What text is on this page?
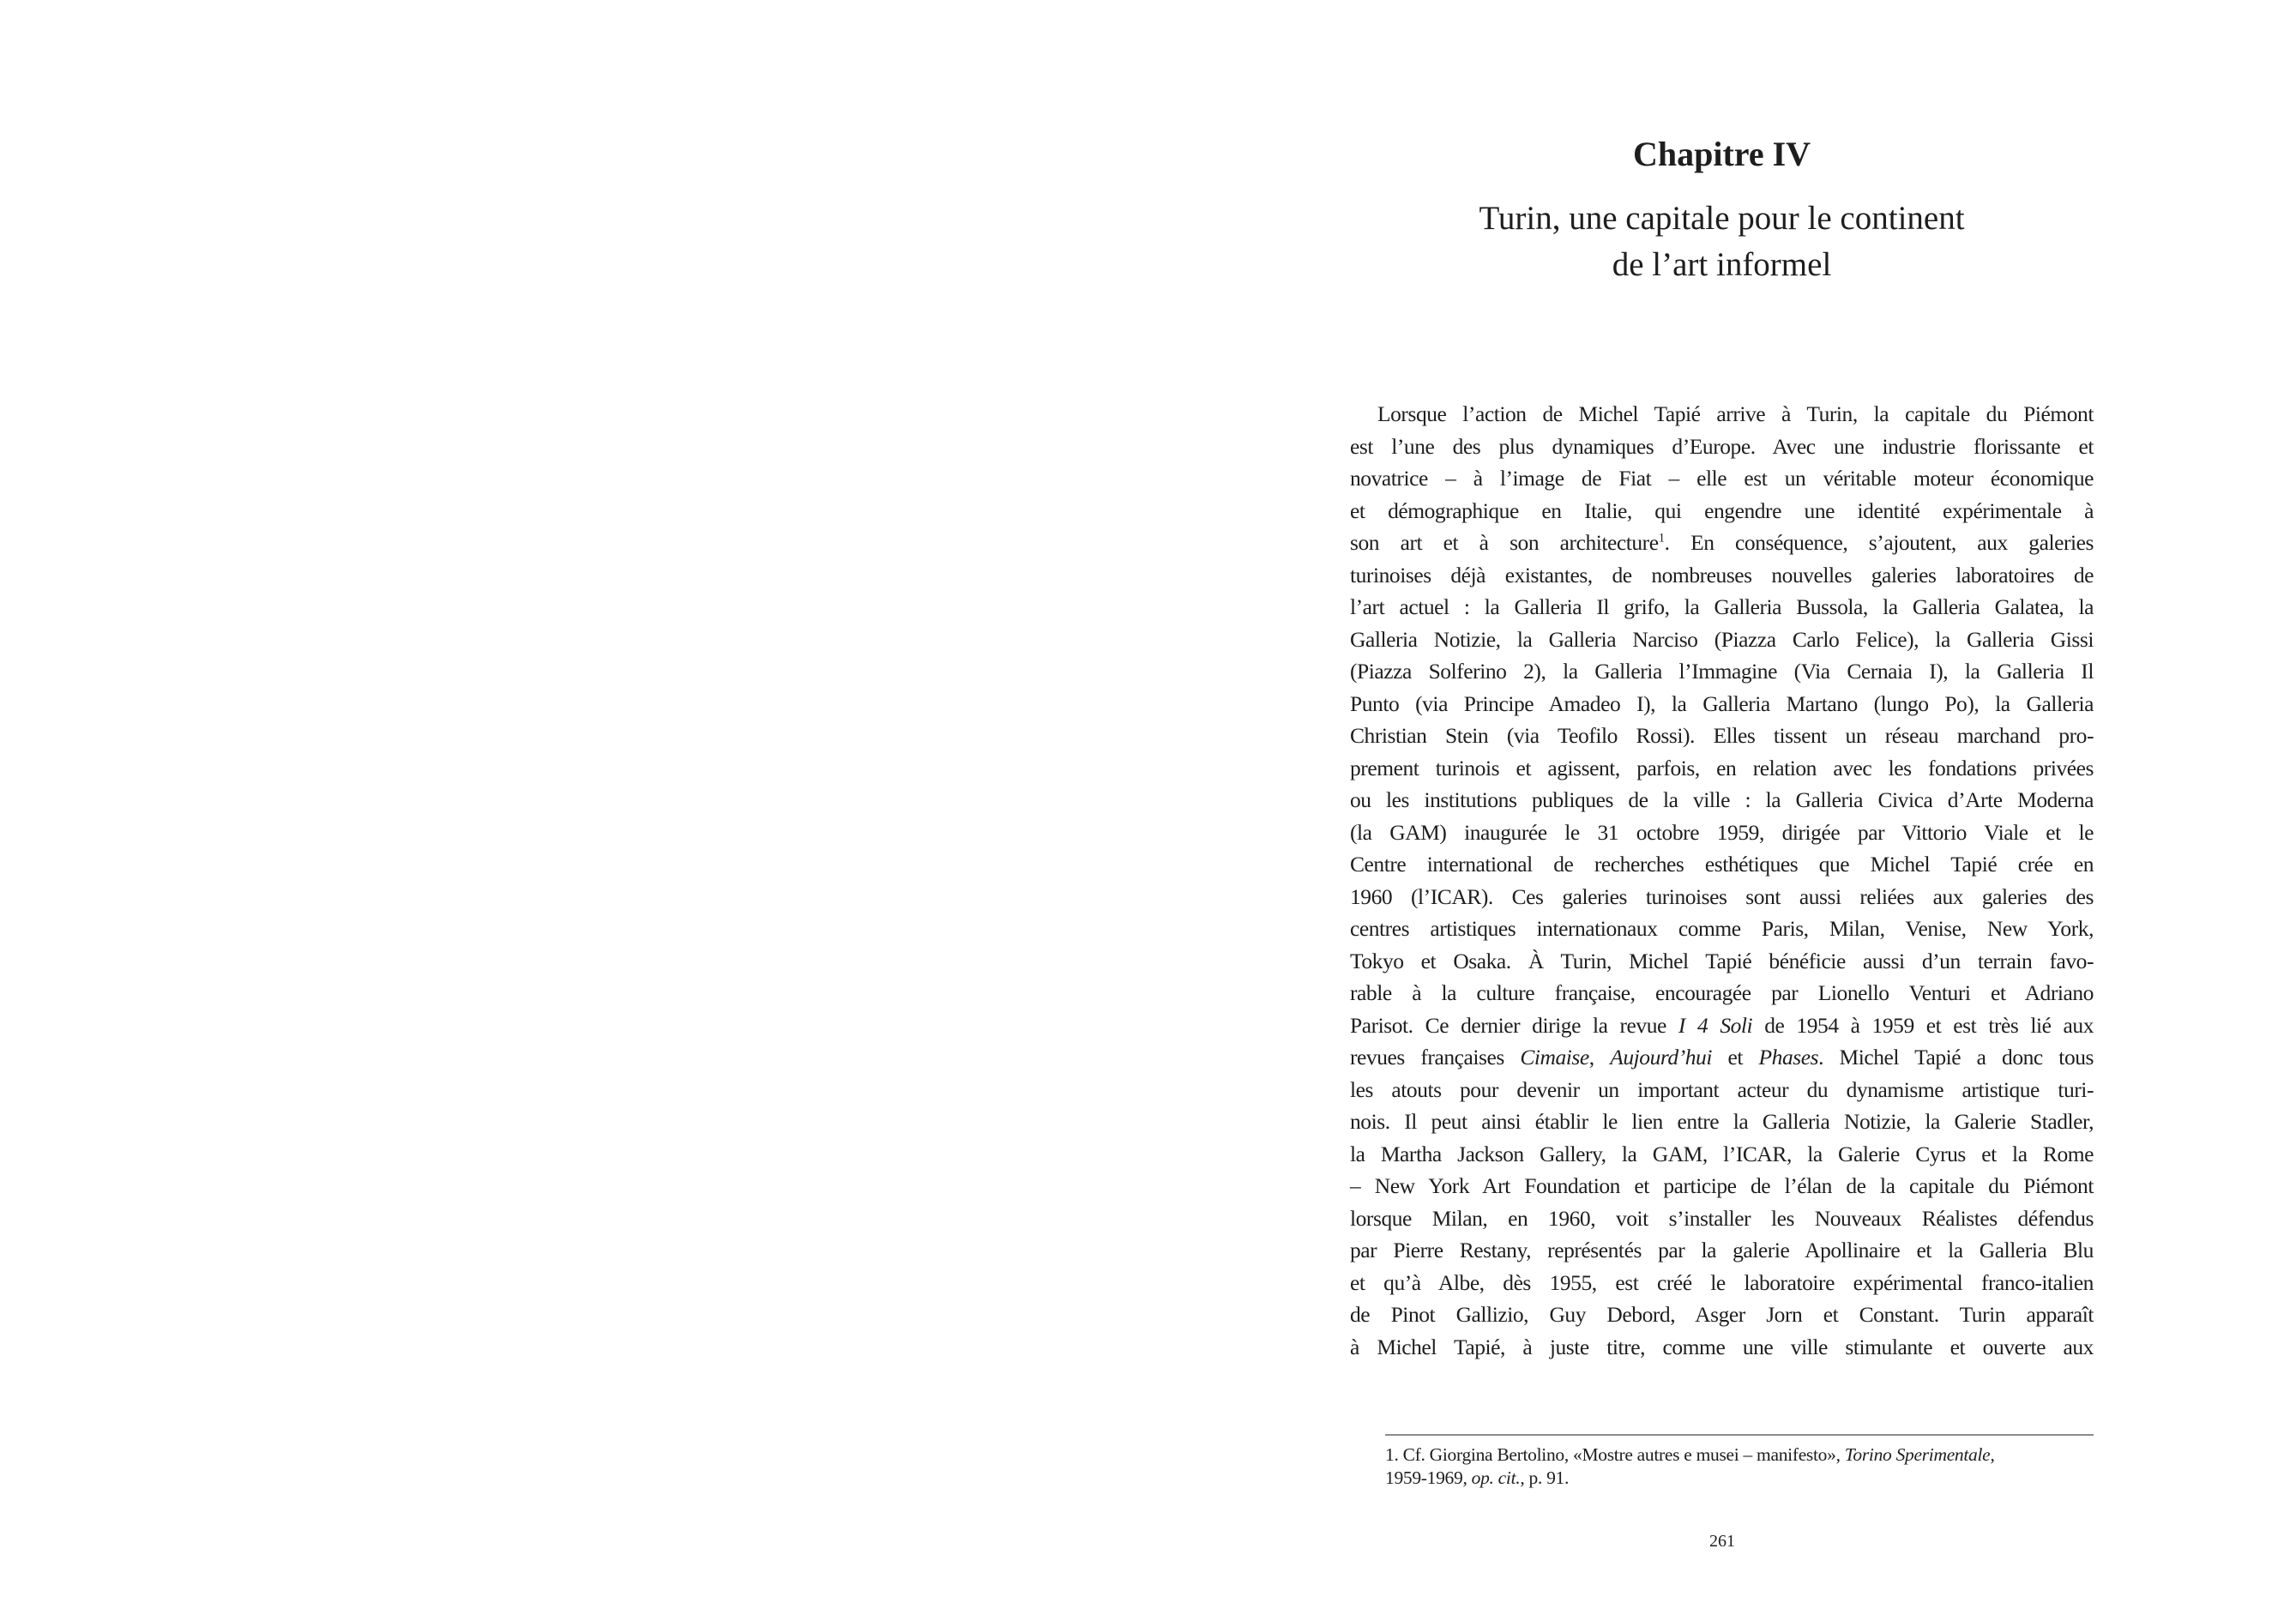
Chapitre IV
Turin, une capitale pour le continent
de l’art informel
Lorsque l’action de Michel Tapié arrive à Turin, la capitale du Piémont
est l’une des plus dynamiques d’Europe. Avec une industrie florissante et
novatrice – à l’image de Fiat – elle est un véritable moteur économique
et démographique en Italie, qui engendre une identité expérimentale à
son art et à son architecture$^1$. En conséquence, s’ajoutent, aux galeries
turinoises déjà existantes, de nombreuses nouvelles galeries laboratoires de
l’art actuel : la Galleria Il grifo, la Galleria Bussola, la Galleria Galatea, la
Galleria Notizie, la Galleria Narciso (Piazza Carlo Felice), la Galleria Gissi
(Piazza Solferino 2), la Galleria l’Immagine (Via Cernaia I), la Galleria Il
Punto (via Principe Amadeo I), la Galleria Martano (lungo Po), la Galleria
Christian Stein (via Teofilo Rossi). Elles tissent un réseau marchand pro-
prement turinois et agissent, parfois, en relation avec les fondations privées
ou les institutions publiques de la ville : la Galleria Civica d’Arte Moderna
(la GAM) inaugurée le 31 octobre 1959, dirigée par Vittorio Viale et le
Centre international de recherches esthétiques que Michel Tapié crée en
1960 (l’ICAR). Ces galeries turinoises sont aussi reliées aux galeries des
centres artistiques internationaux comme Paris, Milan, Venise, New York,
Tokyo et Osaka. À Turin, Michel Tapié bénéficie aussi d’un terrain favo-
rable à la culture française, encouragée par Lionello Venturi et Adriano
Parisot. Ce dernier dirige la revue I 4 Soli de 1954 à 1959 et est très lié aux
revues françaises Cimaise, Aujourd’hui et Phases. Michel Tapié a donc tous
les atouts pour devenir un important acteur du dynamisme artistique turi-
nois. Il peut ainsi établir le lien entre la Galleria Notizie, la Galerie Stadler,
la Martha Jackson Gallery, la GAM, l’ICAR, la Galerie Cyrus et la Rome
– New York Art Foundation et participe de l’élan de la capitale du Piémont
lorsque Milan, en 1960, voit s’installer les Nouveaux Réalistes défendus
par Pierre Restany, représentés par la galerie Apollinaire et la Galleria Blu
et qu’à Albe, dès 1955, est créé le laboratoire expérimental franco-italien
de Pinot Gallizio, Guy Debord, Asger Jorn et Constant. Turin apparaît
à Michel Tapié, à juste titre, comme une ville stimulante et ouverte aux
1. Cf. Giorgina Bertolino, «Mostre autres e musei – manifesto», Torino Sperimentale,
1959-1969, op. cit., p. 91.
261
